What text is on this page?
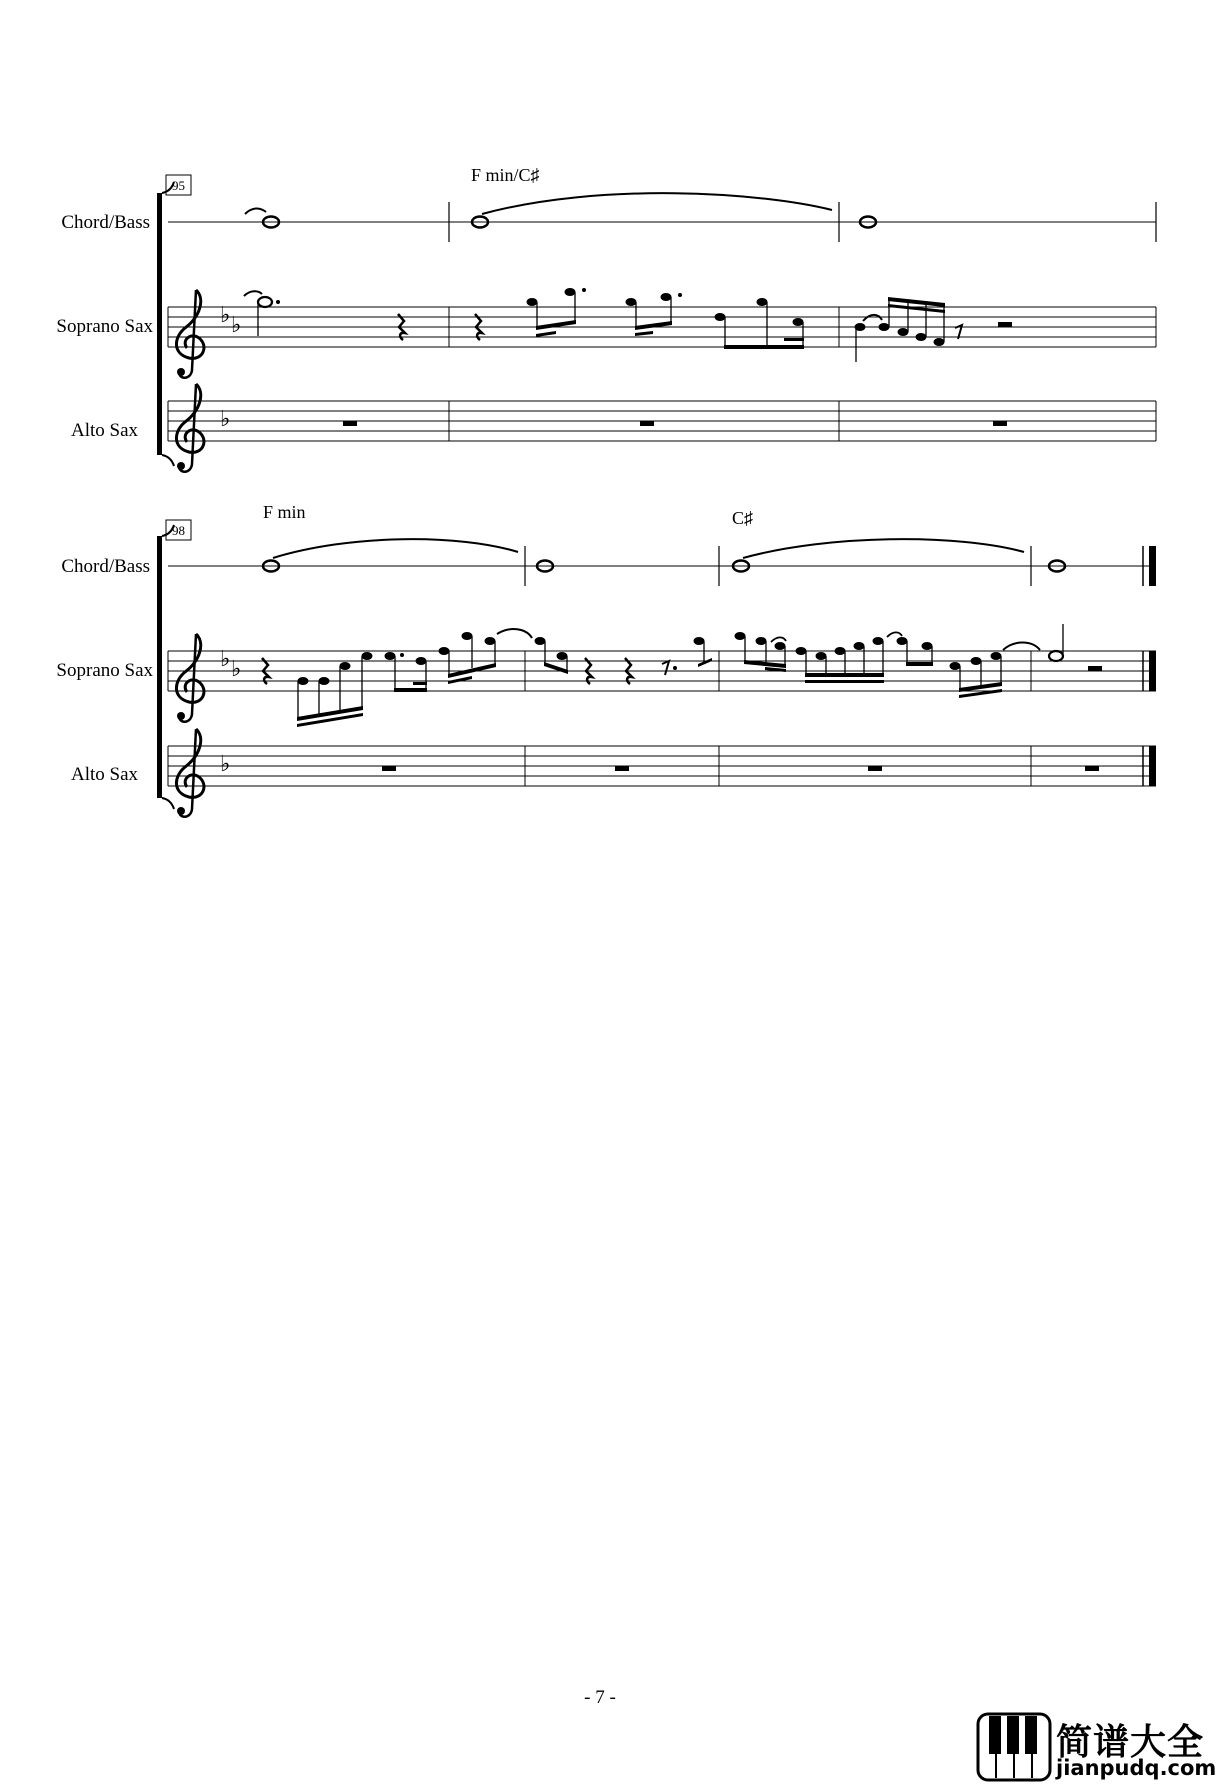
95
Chord/Bass
Soprano Sax
Alto Sax
F min/C♯
♭ ♭
♭
98
Chord/Bass
Soprano Sax
Alto Sax
F min	C♯
♭ ♭
♭
- 7 -
简谱大全
jianpudq.com
